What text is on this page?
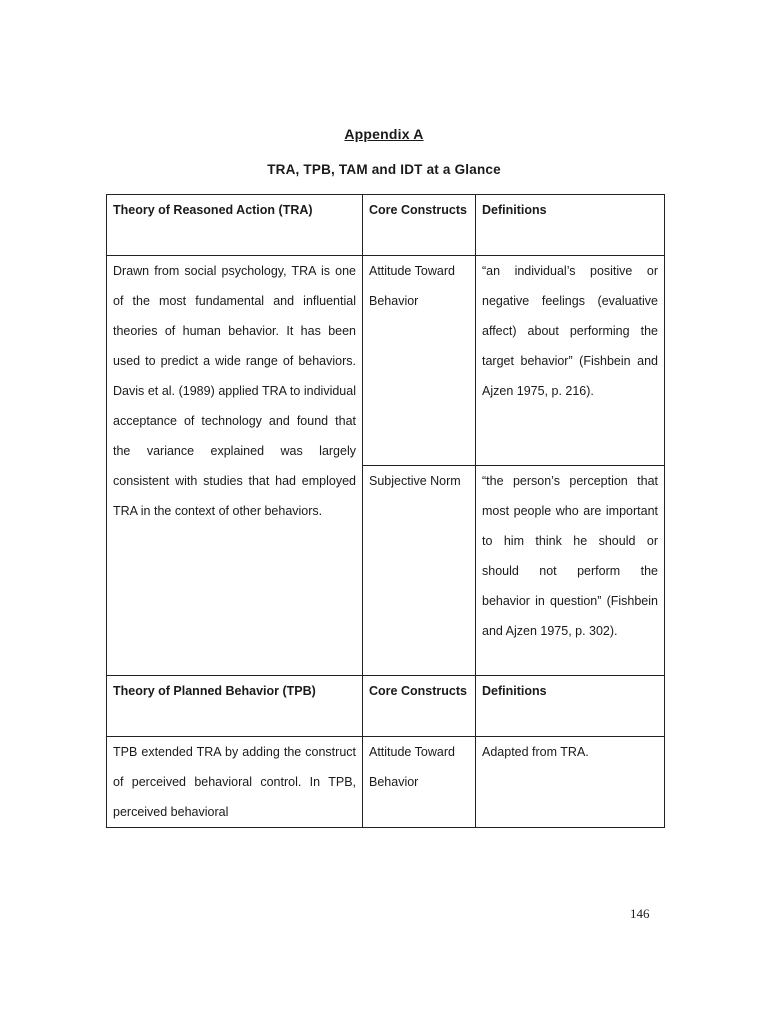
Appendix A
TRA, TPB, TAM and IDT at a Glance
Theory of Reasoned Action (TRA)	Core Constructs	Definitions
Drawn from social psychology, TRA is one of the most fundamental and influential theories of human behavior. It has been used to predict a wide range of behaviors. Davis et al. (1989) applied TRA to individual acceptance of technology and found that the variance explained was largely consistent with studies that had employed TRA in the context of other behaviors.	Attitude Toward Behavior	“an individual’s positive or negative feelings (evaluative affect) about performing the target behavior” (Fishbein and Ajzen 1975, p. 216).
	Subjective Norm	“the person’s perception that most people who are important to him think he should or should not perform the behavior in question” (Fishbein and Ajzen 1975, p. 302).
Theory of Planned Behavior (TPB)	Core Constructs	Definitions
TPB extended TRA by adding the construct of perceived behavioral control. In TPB, perceived behavioral	Attitude Toward Behavior	Adapted from TRA.
146
